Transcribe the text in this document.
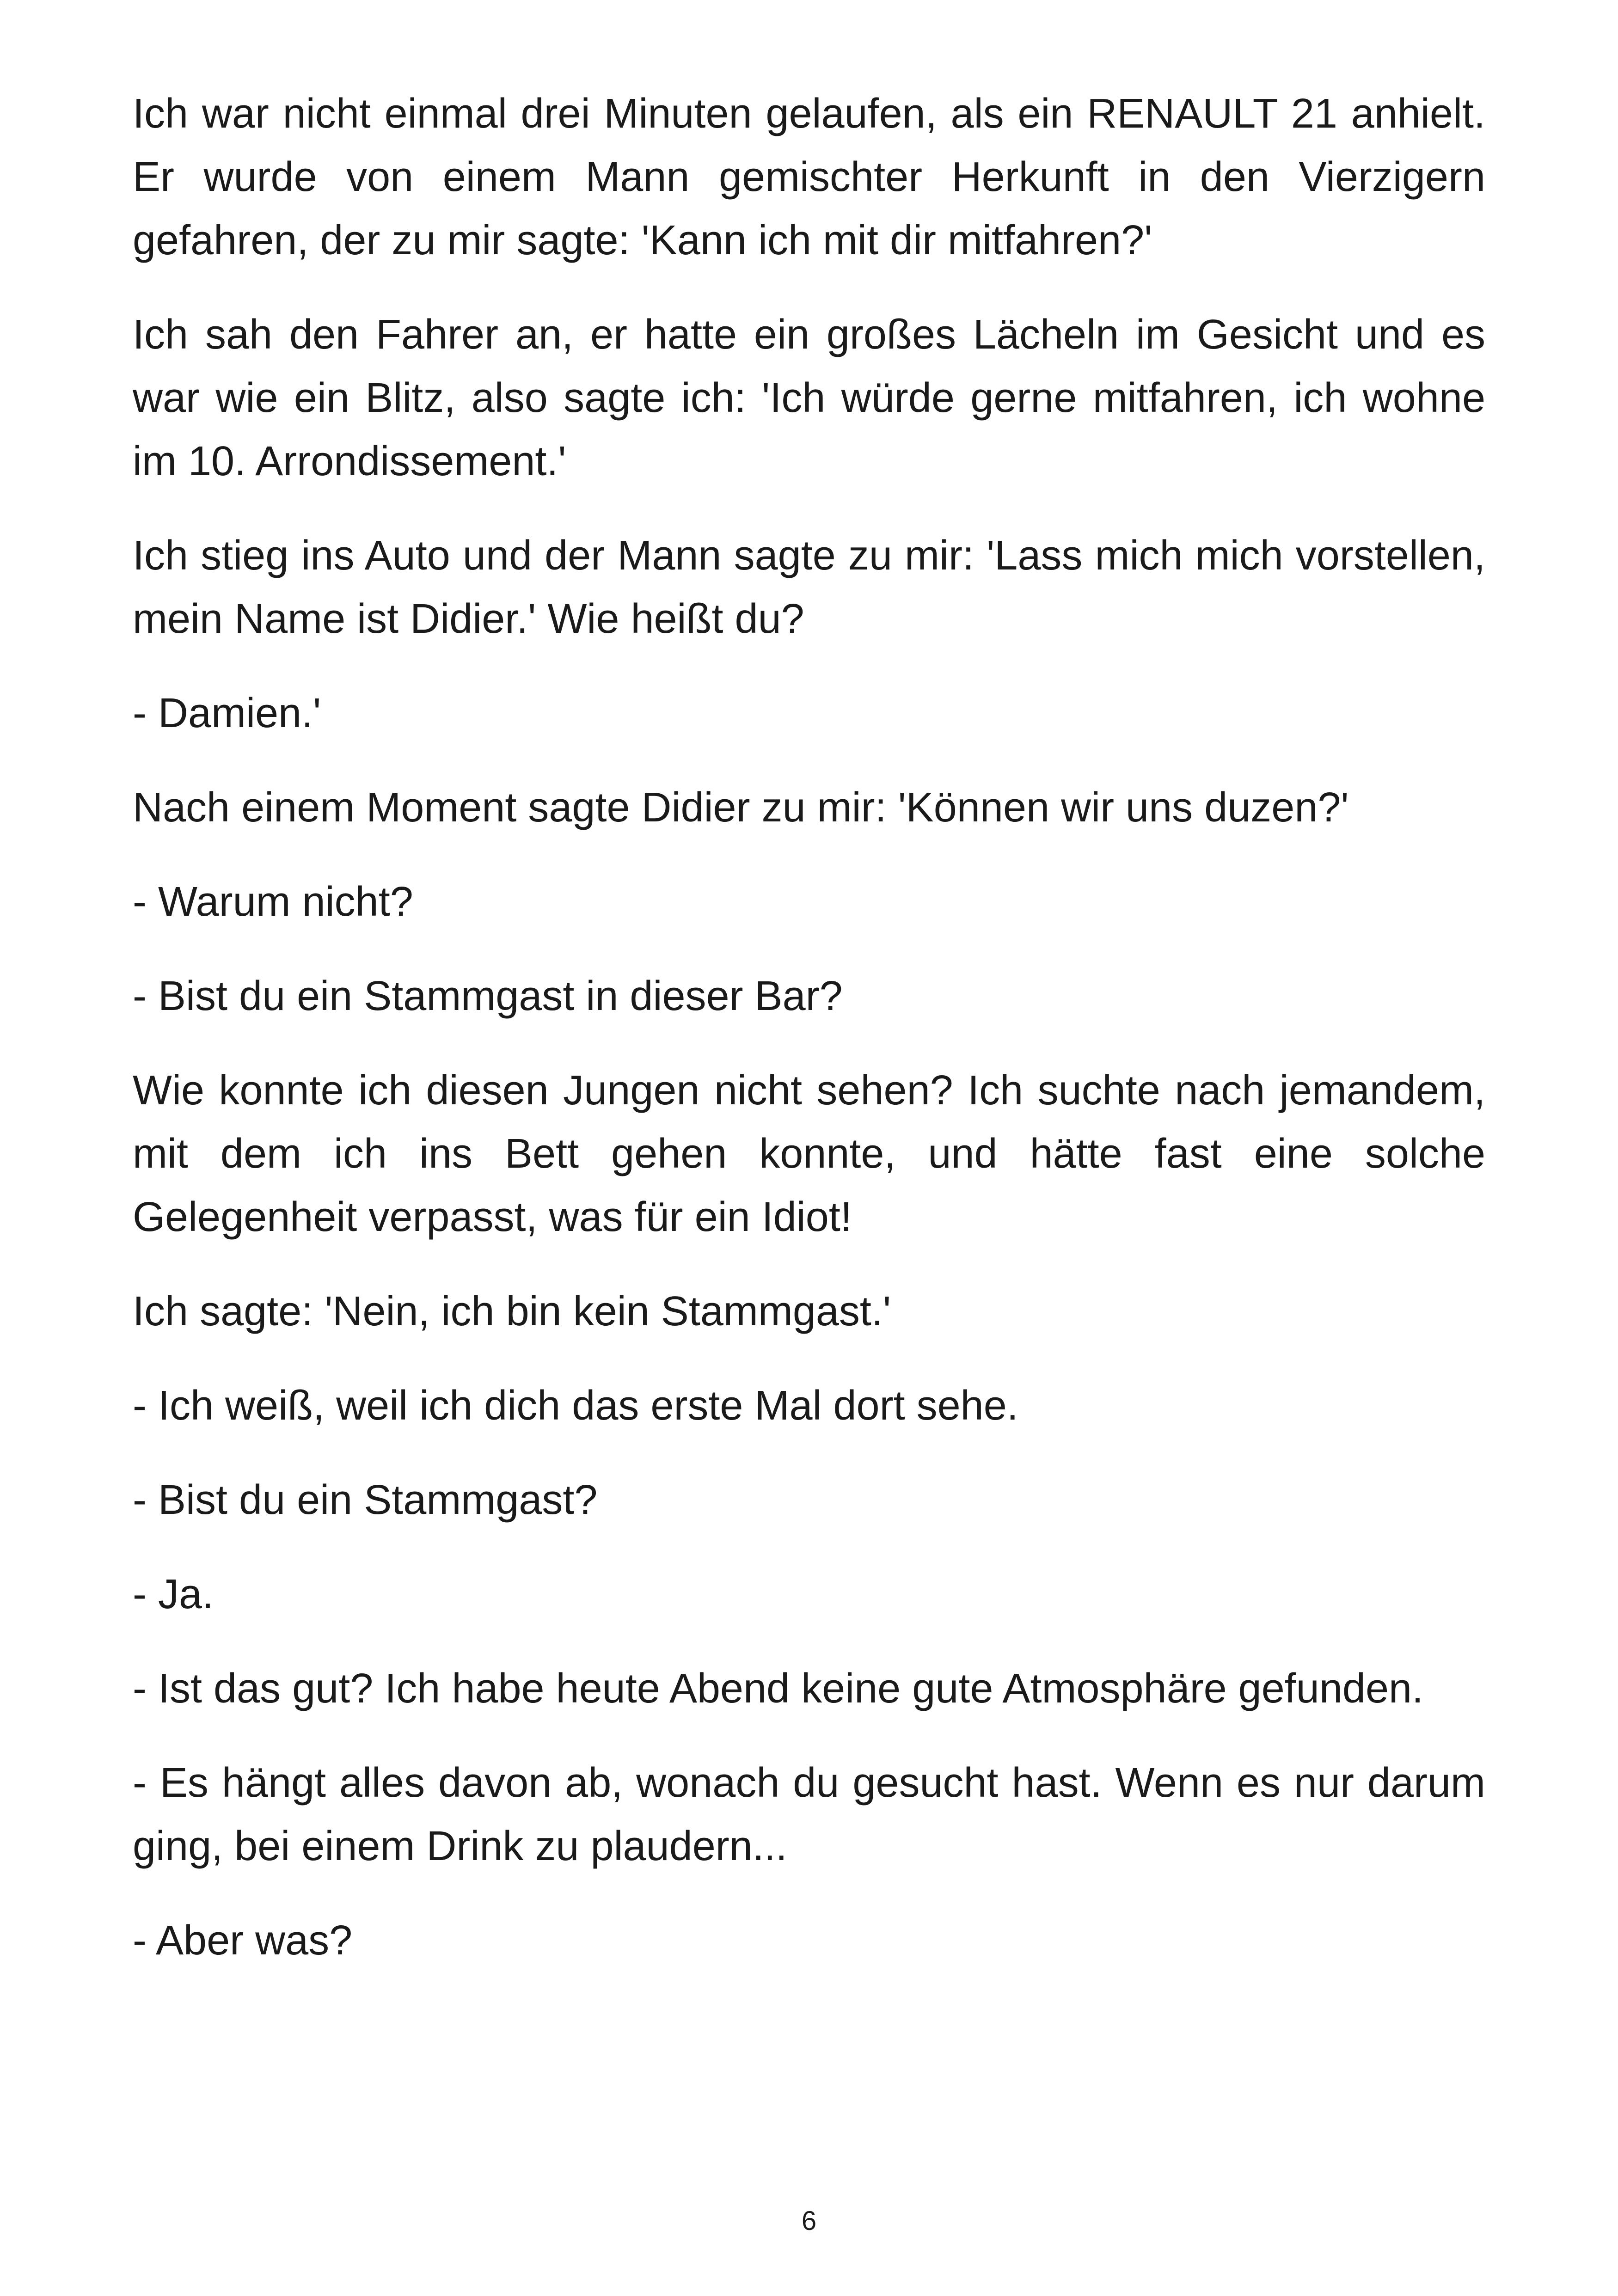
Ich war nicht einmal drei Minuten gelaufen, als ein RENAULT 21 anhielt. Er wurde von einem Mann gemischter Herkunft in den Vierzigern gefahren, der zu mir sagte: 'Kann ich mit dir mitfahren?'

Ich sah den Fahrer an, er hatte ein großes Lächeln im Gesicht und es war wie ein Blitz, also sagte ich: 'Ich würde gerne mitfahren, ich wohne im 10. Arrondissement.'

Ich stieg ins Auto und der Mann sagte zu mir: 'Lass mich mich vorstellen, mein Name ist Didier.' Wie heißt du?

- Damien.'

Nach einem Moment sagte Didier zu mir: 'Können wir uns duzen?'

- Warum nicht?

- Bist du ein Stammgast in dieser Bar?

Wie konnte ich diesen Jungen nicht sehen? Ich suchte nach jemandem, mit dem ich ins Bett gehen konnte, und hätte fast eine solche Gelegenheit verpasst, was für ein Idiot!

Ich sagte: 'Nein, ich bin kein Stammgast.'

- Ich weiß, weil ich dich das erste Mal dort sehe.

- Bist du ein Stammgast?

- Ja.

- Ist das gut? Ich habe heute Abend keine gute Atmosphäre gefunden.

- Es hängt alles davon ab, wonach du gesucht hast. Wenn es nur darum ging, bei einem Drink zu plaudern...

- Aber was?

6
